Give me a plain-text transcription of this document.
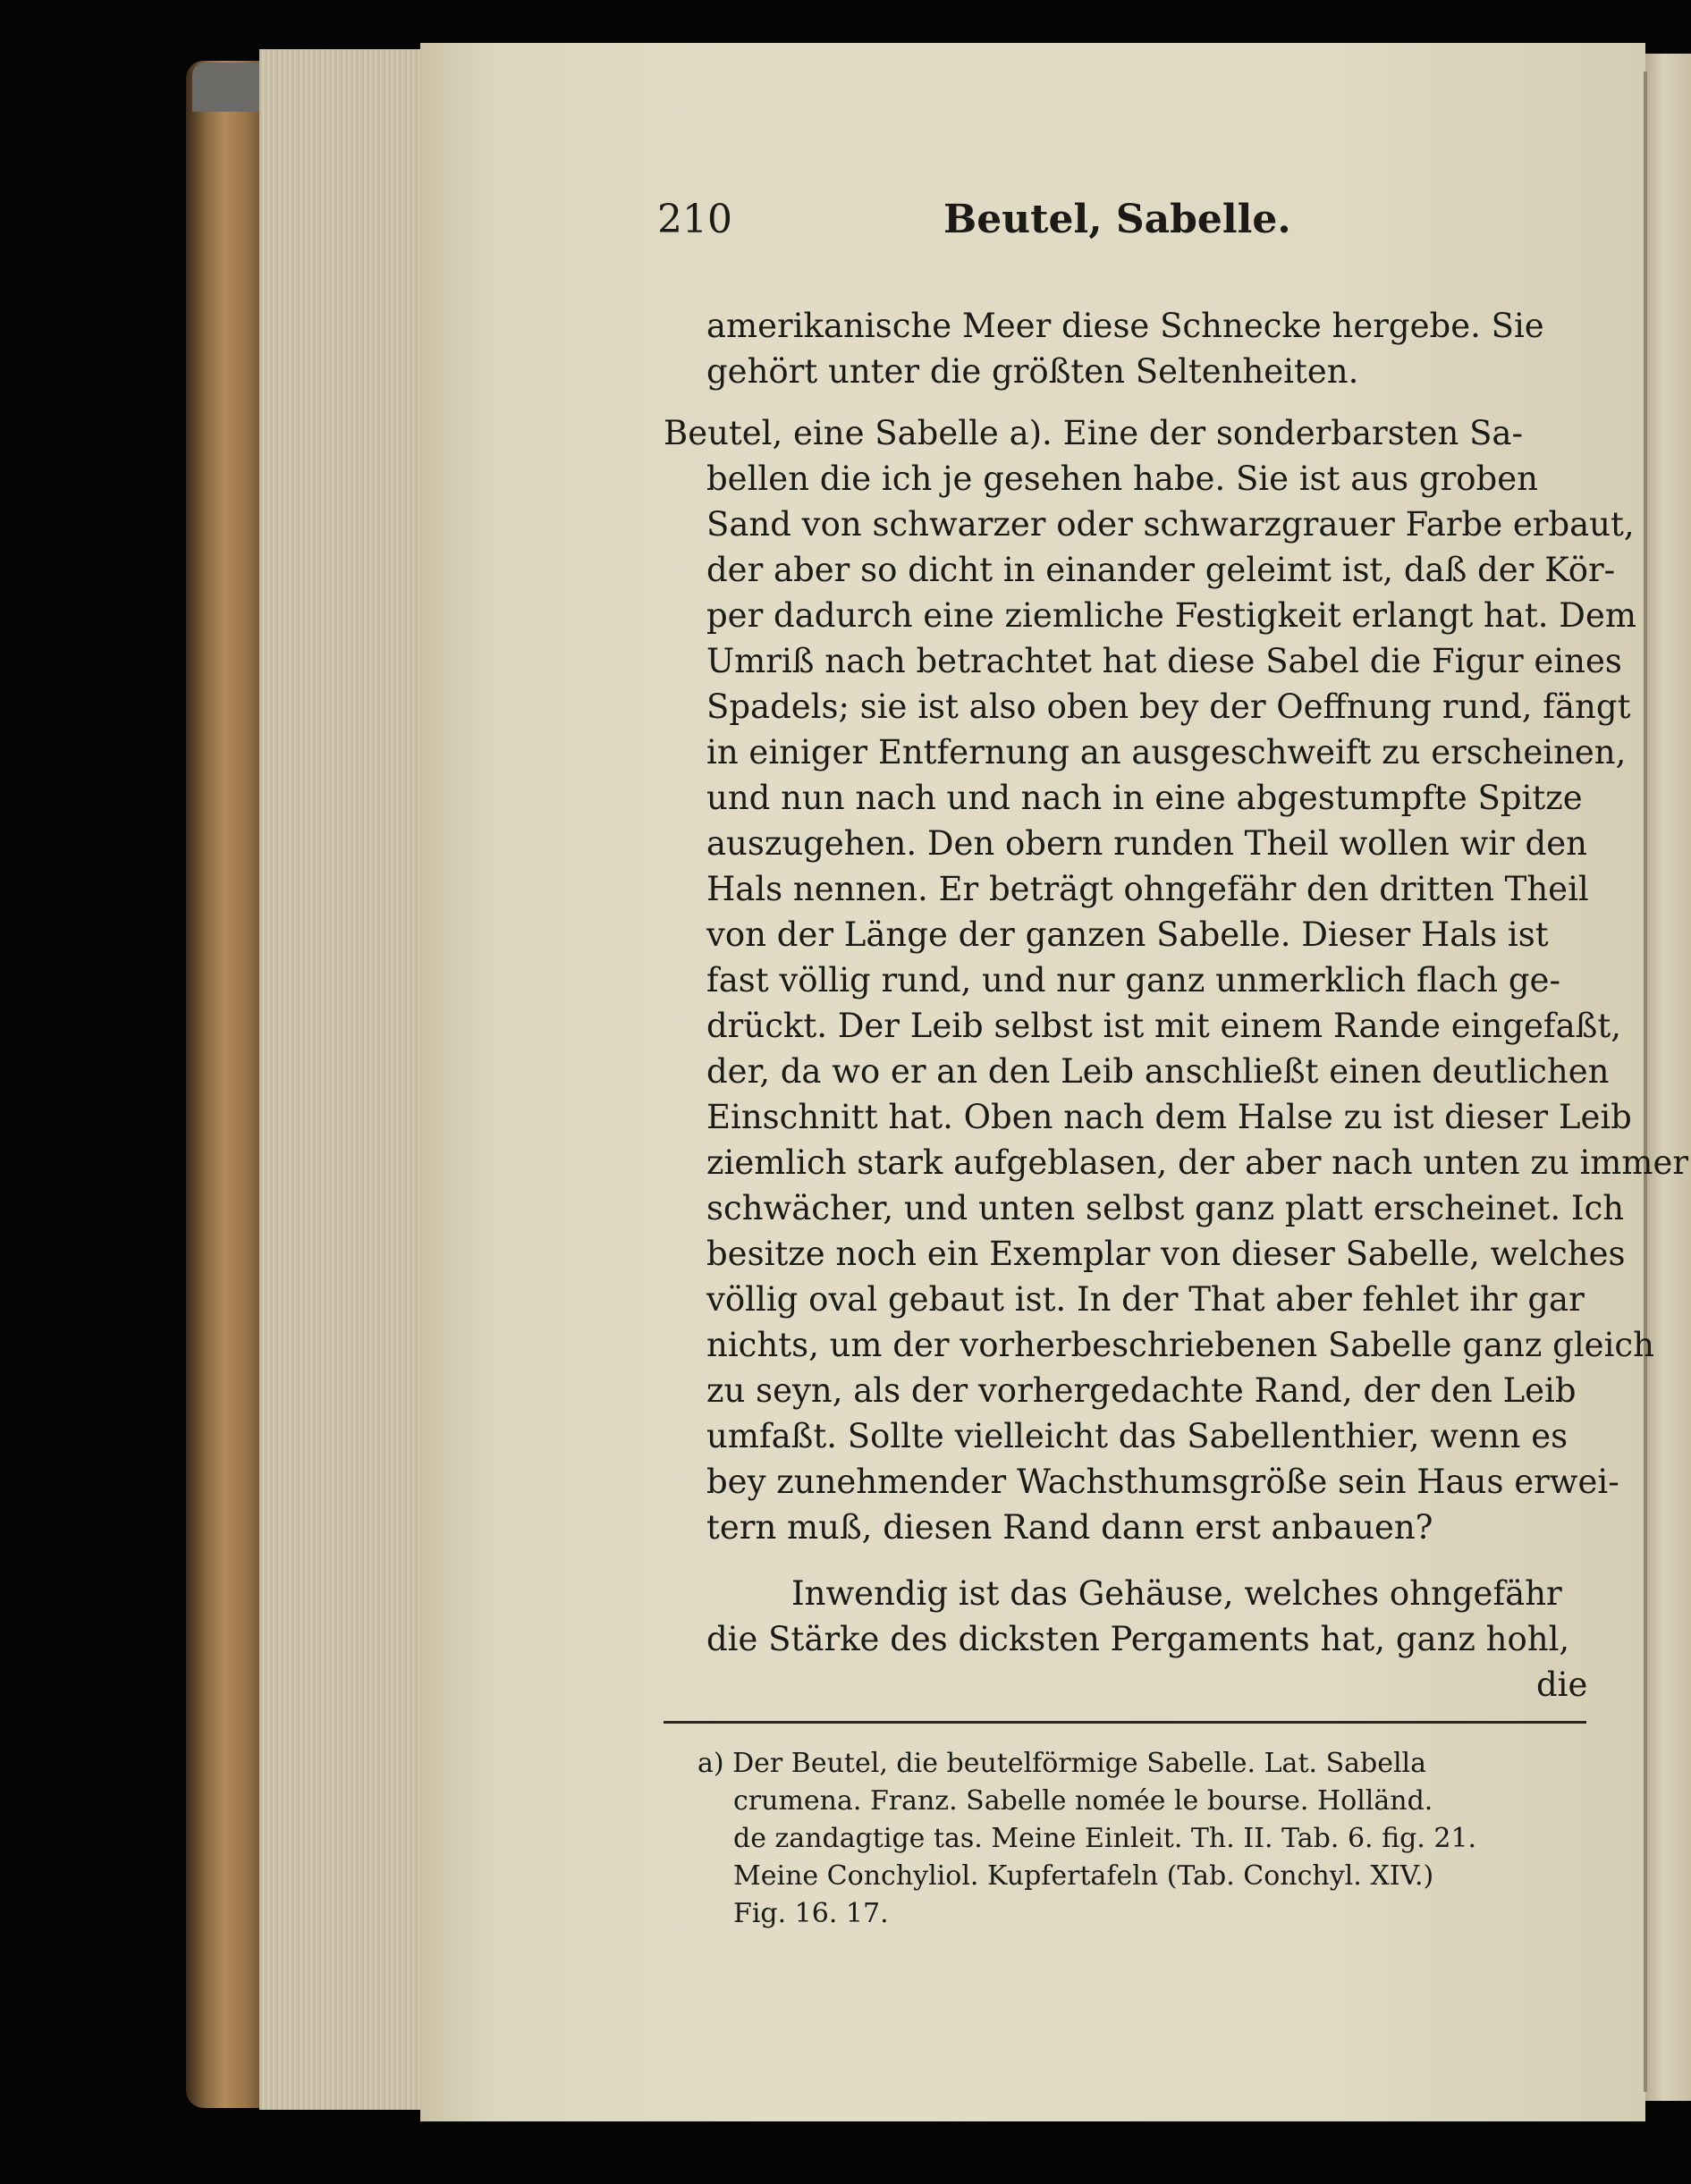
210	Beutel, Sabelle.
amerikanische Meer diese Schnecke hergebe. Sie
gehört unter die größten Seltenheiten.
Beutel, eine Sabelle a). Eine der sonderbarsten Sa-
bellen die ich je gesehen habe. Sie ist aus groben
Sand von schwarzer oder schwarzgrauer Farbe erbaut,
der aber so dicht in einander geleimt ist, daß der Kör-
per dadurch eine ziemliche Festigkeit erlangt hat. Dem
Umriß nach betrachtet hat diese Sabel die Figur eines
Spadels; sie ist also oben bey der Oeffnung rund, fängt
in einiger Entfernung an ausgeschweift zu erscheinen,
und nun nach und nach in eine abgestumpfte Spitze
auszugehen. Den obern runden Theil wollen wir den
Hals nennen. Er beträgt ohngefähr den dritten Theil
von der Länge der ganzen Sabelle. Dieser Hals ist
fast völlig rund, und nur ganz unmerklich flach ge-
drückt. Der Leib selbst ist mit einem Rande eingefaßt,
der, da wo er an den Leib anschließt einen deutlichen
Einschnitt hat. Oben nach dem Halse zu ist dieser Leib
ziemlich stark aufgeblasen, der aber nach unten zu immer
schwächer, und unten selbst ganz platt erscheinet. Ich
besitze noch ein Exemplar von dieser Sabelle, welches
völlig oval gebaut ist. In der That aber fehlet ihr gar
nichts, um der vorherbeschriebenen Sabelle ganz gleich
zu seyn, als der vorhergedachte Rand, der den Leib
umfaßt. Sollte vielleicht das Sabellenthier, wenn es
bey zunehmender Wachsthumsgröße sein Haus erwei-
tern muß, diesen Rand dann erst anbauen?
Inwendig ist das Gehäuse, welches ohngefähr
die Stärke des dicksten Pergaments hat, ganz hohl,
die
a) Der Beutel, die beutelförmige Sabelle. Lat. Sabella
crumena. Franz. Sabelle nomée le bourse. Holländ.
de zandagtige tas. Meine Einleit. Th. II. Tab. 6. fig. 21.
Meine Conchyliol. Kupfertafeln (Tab. Conchyl. XIV.)
Fig. 16. 17.
